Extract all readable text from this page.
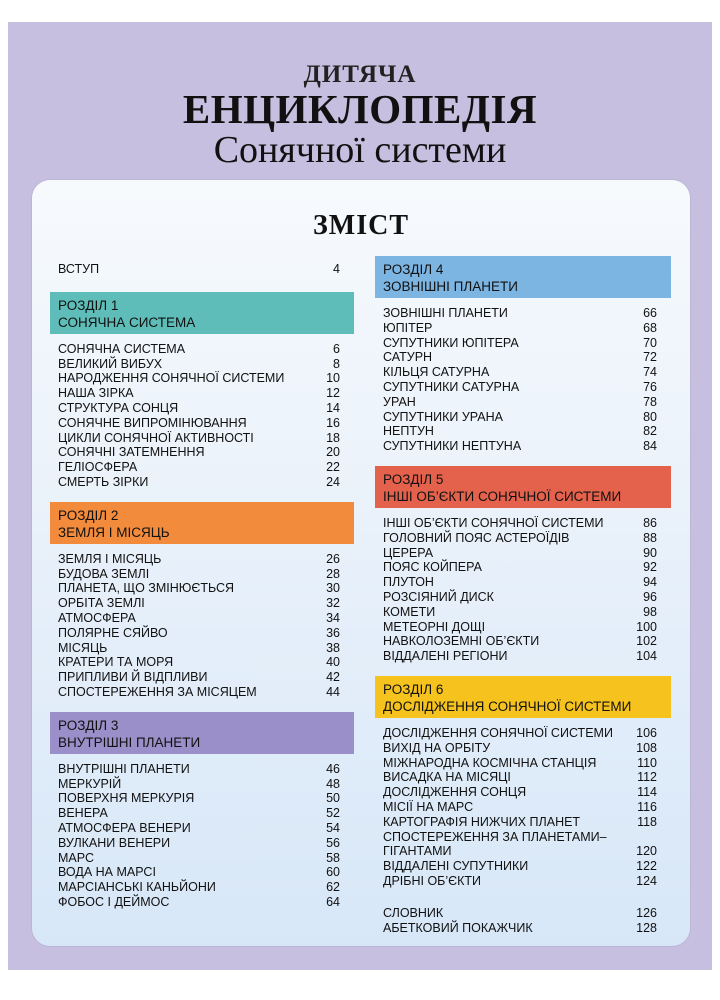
ДИТЯЧА
ЕНЦИКЛОПЕДІЯ
Сонячної системи
ЗМІСТ
ВСТУП	4
РОЗДІЛ 1
СОНЯЧНА СИСТЕМА
СОНЯЧНА СИСТЕМА	6
ВЕЛИКИЙ ВИБУХ	8
НАРОДЖЕННЯ СОНЯЧНОЇ СИСТЕМИ	10
НАША ЗІРКА	12
СТРУКТУРА СОНЦЯ	14
СОНЯЧНЕ ВИПРОМІНЮВАННЯ	16
ЦИКЛИ СОНЯЧНОЇ АКТИВНОСТІ	18
СОНЯЧНІ ЗАТЕМНЕННЯ	20
ГЕЛІОСФЕРА	22
СМЕРТЬ ЗІРКИ	24
РОЗДІЛ 2
ЗЕМЛЯ І МІСЯЦЬ
ЗЕМЛЯ І МІСЯЦЬ	26
БУДОВА ЗЕМЛІ	28
ПЛАНЕТА, ЩО ЗМІНЮЄТЬСЯ	30
ОРБІТА ЗЕМЛІ	32
АТМОСФЕРА	34
ПОЛЯРНЕ СЯЙВО	36
МІСЯЦЬ	38
КРАТЕРИ ТА МОРЯ	40
ПРИПЛИВИ Й ВІДПЛИВИ	42
СПОСТЕРЕЖЕННЯ ЗА МІСЯЦЕМ	44
РОЗДІЛ 3
ВНУТРІШНІ ПЛАНЕТИ
ВНУТРІШНІ ПЛАНЕТИ	46
МЕРКУРІЙ	48
ПОВЕРХНЯ МЕРКУРІЯ	50
ВЕНЕРА	52
АТМОСФЕРА ВЕНЕРИ	54
ВУЛКАНИ ВЕНЕРИ	56
МАРС	58
ВОДА НА МАРСІ	60
МАРСІАНСЬКІ КАНЬЙОНИ	62
ФОБОС І ДЕЙМОС	64
РОЗДІЛ 4
ЗОВНІШНІ ПЛАНЕТИ
ЗОВНІШНІ ПЛАНЕТИ	66
ЮПІТЕР	68
СУПУТНИКИ ЮПІТЕРА	70
САТУРН	72
КІЛЬЦЯ САТУРНА	74
СУПУТНИКИ САТУРНА	76
УРАН	78
СУПУТНИКИ УРАНА	80
НЕПТУН	82
СУПУТНИКИ НЕПТУНА	84
РОЗДІЛ 5
ІНШІ ОБ’ЄКТИ СОНЯЧНОЇ СИСТЕМИ
ІНШІ ОБ’ЄКТИ СОНЯЧНОЇ СИСТЕМИ	86
ГОЛОВНИЙ ПОЯС АСТЕРОЇДІВ	88
ЦЕРЕРА	90
ПОЯС КОЙПЕРА	92
ПЛУТОН	94
РОЗСІЯНИЙ ДИСК	96
КОМЕТИ	98
МЕТЕОРНІ ДОЩІ	100
НАВКОЛОЗЕМНІ ОБ’ЄКТИ	102
ВІДДАЛЕНІ РЕГІОНИ	104
РОЗДІЛ 6
ДОСЛІДЖЕННЯ СОНЯЧНОЇ СИСТЕМИ
ДОСЛІДЖЕННЯ СОНЯЧНОЇ СИСТЕМИ	106
ВИХІД НА ОРБІТУ	108
МІЖНАРОДНА КОСМІЧНА СТАНЦІЯ	110
ВИСАДКА НА МІСЯЦІ	112
ДОСЛІДЖЕННЯ СОНЦЯ	114
МІСІЇ НА МАРС	116
КАРТОГРАФІЯ НИЖЧИХ ПЛАНЕТ	118
СПОСТЕРЕЖЕННЯ ЗА ПЛАНЕТАМИ–ГІГАНТАМИ	120
ВІДДАЛЕНІ СУПУТНИКИ	122
ДРІБНІ ОБ’ЄКТИ	124
СЛОВНИК	126
АБЕТКОВИЙ ПОКАЖЧИК	128
